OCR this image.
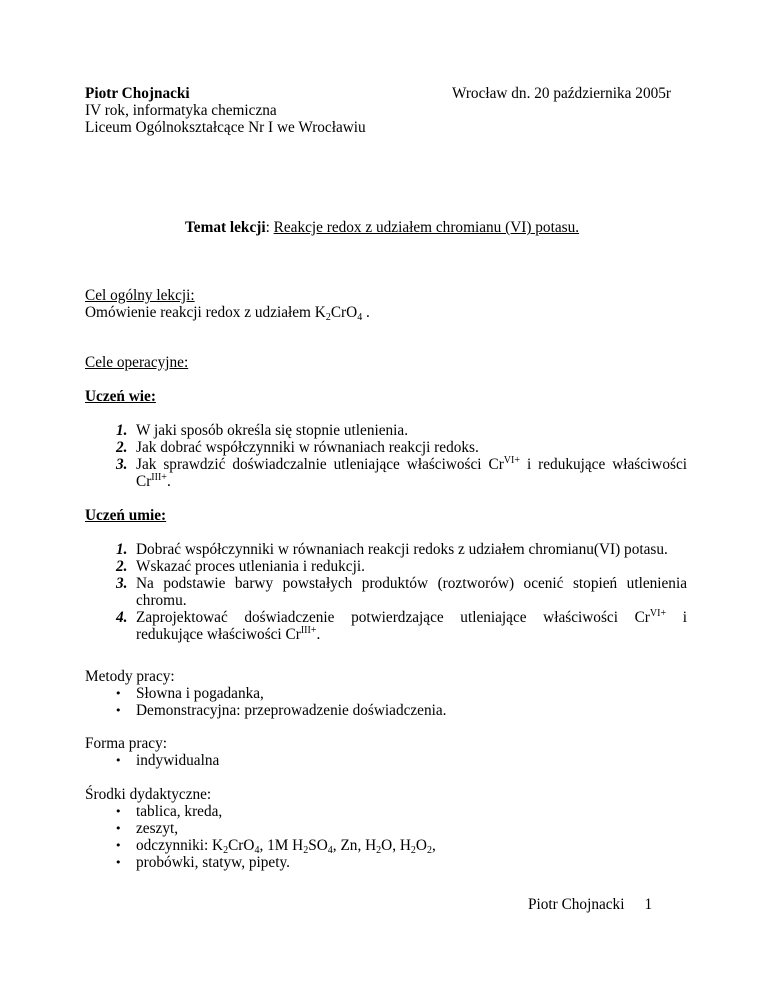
Piotr Chojnacki
IV rok, informatyka chemiczna
Liceum Ogólnokształcące Nr I we Wrocławiu
Wrocław dn. 20 października 2005r
Temat lekcji: Reakcje redox z udziałem chromianu (VI) potasu.
Cel ogólny lekcji:
Omówienie reakcji redox z udziałem $K_2CrO_4$ .
Cele operacyjne:
Uczeń wie:
1. W jaki sposób określa się stopnie utlenienia.
2. Jak dobrać współczynniki w równaniach reakcji redoks.
3. Jak sprawdzić doświadczalnie utleniające właściwości $Cr^{VI+}$ i redukujące właściwości
$Cr^{III+}$.
Uczeń umie:
1. Dobrać współczynniki w równaniach reakcji redoks z udziałem chromianu(VI) potasu.
2. Wskazać proces utleniania i redukcji.
3. Na podstawie barwy powstałych produktów (roztworów) ocenić stopień utlenienia
chromu.
4. Zaprojektować doświadczenie potwierdzające utleniające właściwości $Cr^{VI+}$ i
redukujące właściwości $Cr^{III+}$.
Metody pracy:
• Słowna i pogadanka,
• Demonstracyjna: przeprowadzenie doświadczenia.
Forma pracy:
• indywidualna
Środki dydaktyczne:
• tablica, kreda,
• zeszyt,
• odczynniki: $K_2CrO_4$, 1M $H_2SO_4$, Zn, $H_2O$, $H_2O_2$,
• probówki, statyw, pipety.
Piotr Chojnacki 1
